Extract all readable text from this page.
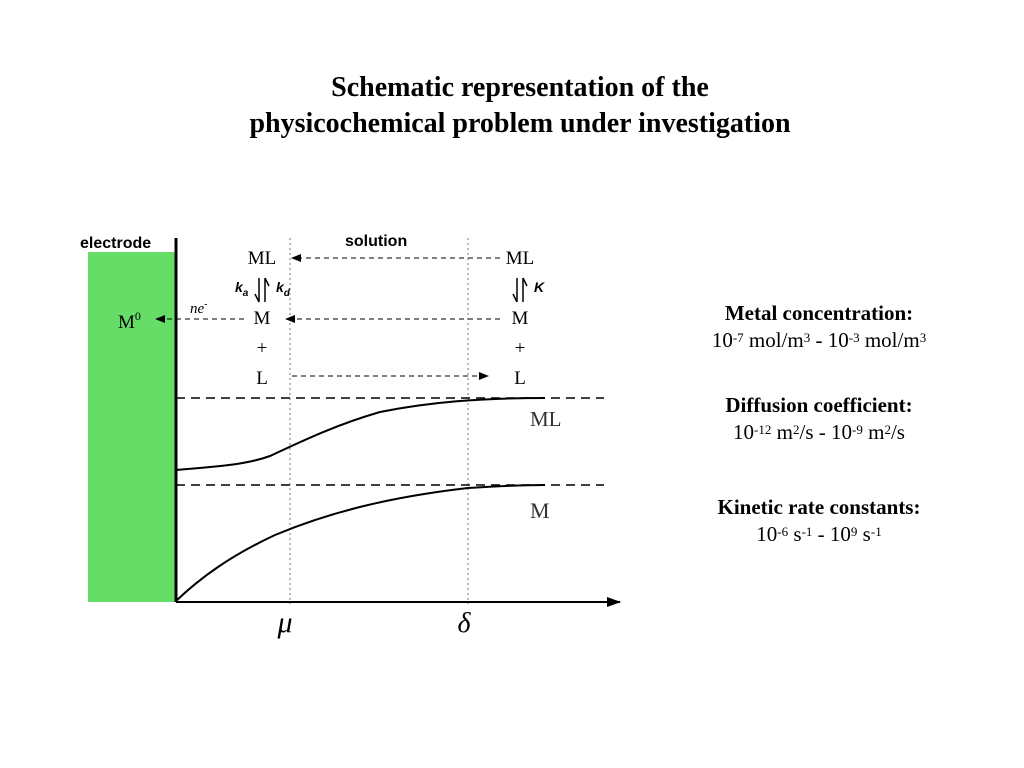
Schematic representation of the
physicochemical problem under investigation
electrode	solution
ML
M
+
L
ML
M
+
L
$M^0$	ne-
$k_a$ $k_d$	K
ML
M
μ	δ
Metal concentration:
$10^{-7}$ mol/$m^3 - 10^{-3}$ mol/$m^3$
Diffusion coefficient:
$10^{-12}$ $m^2/s - 10^{-9}$ $m^2/s$
Kinetic rate constants:
$10^{-6}$ $s^{-1} - 10^9$ $s^{-1}$
